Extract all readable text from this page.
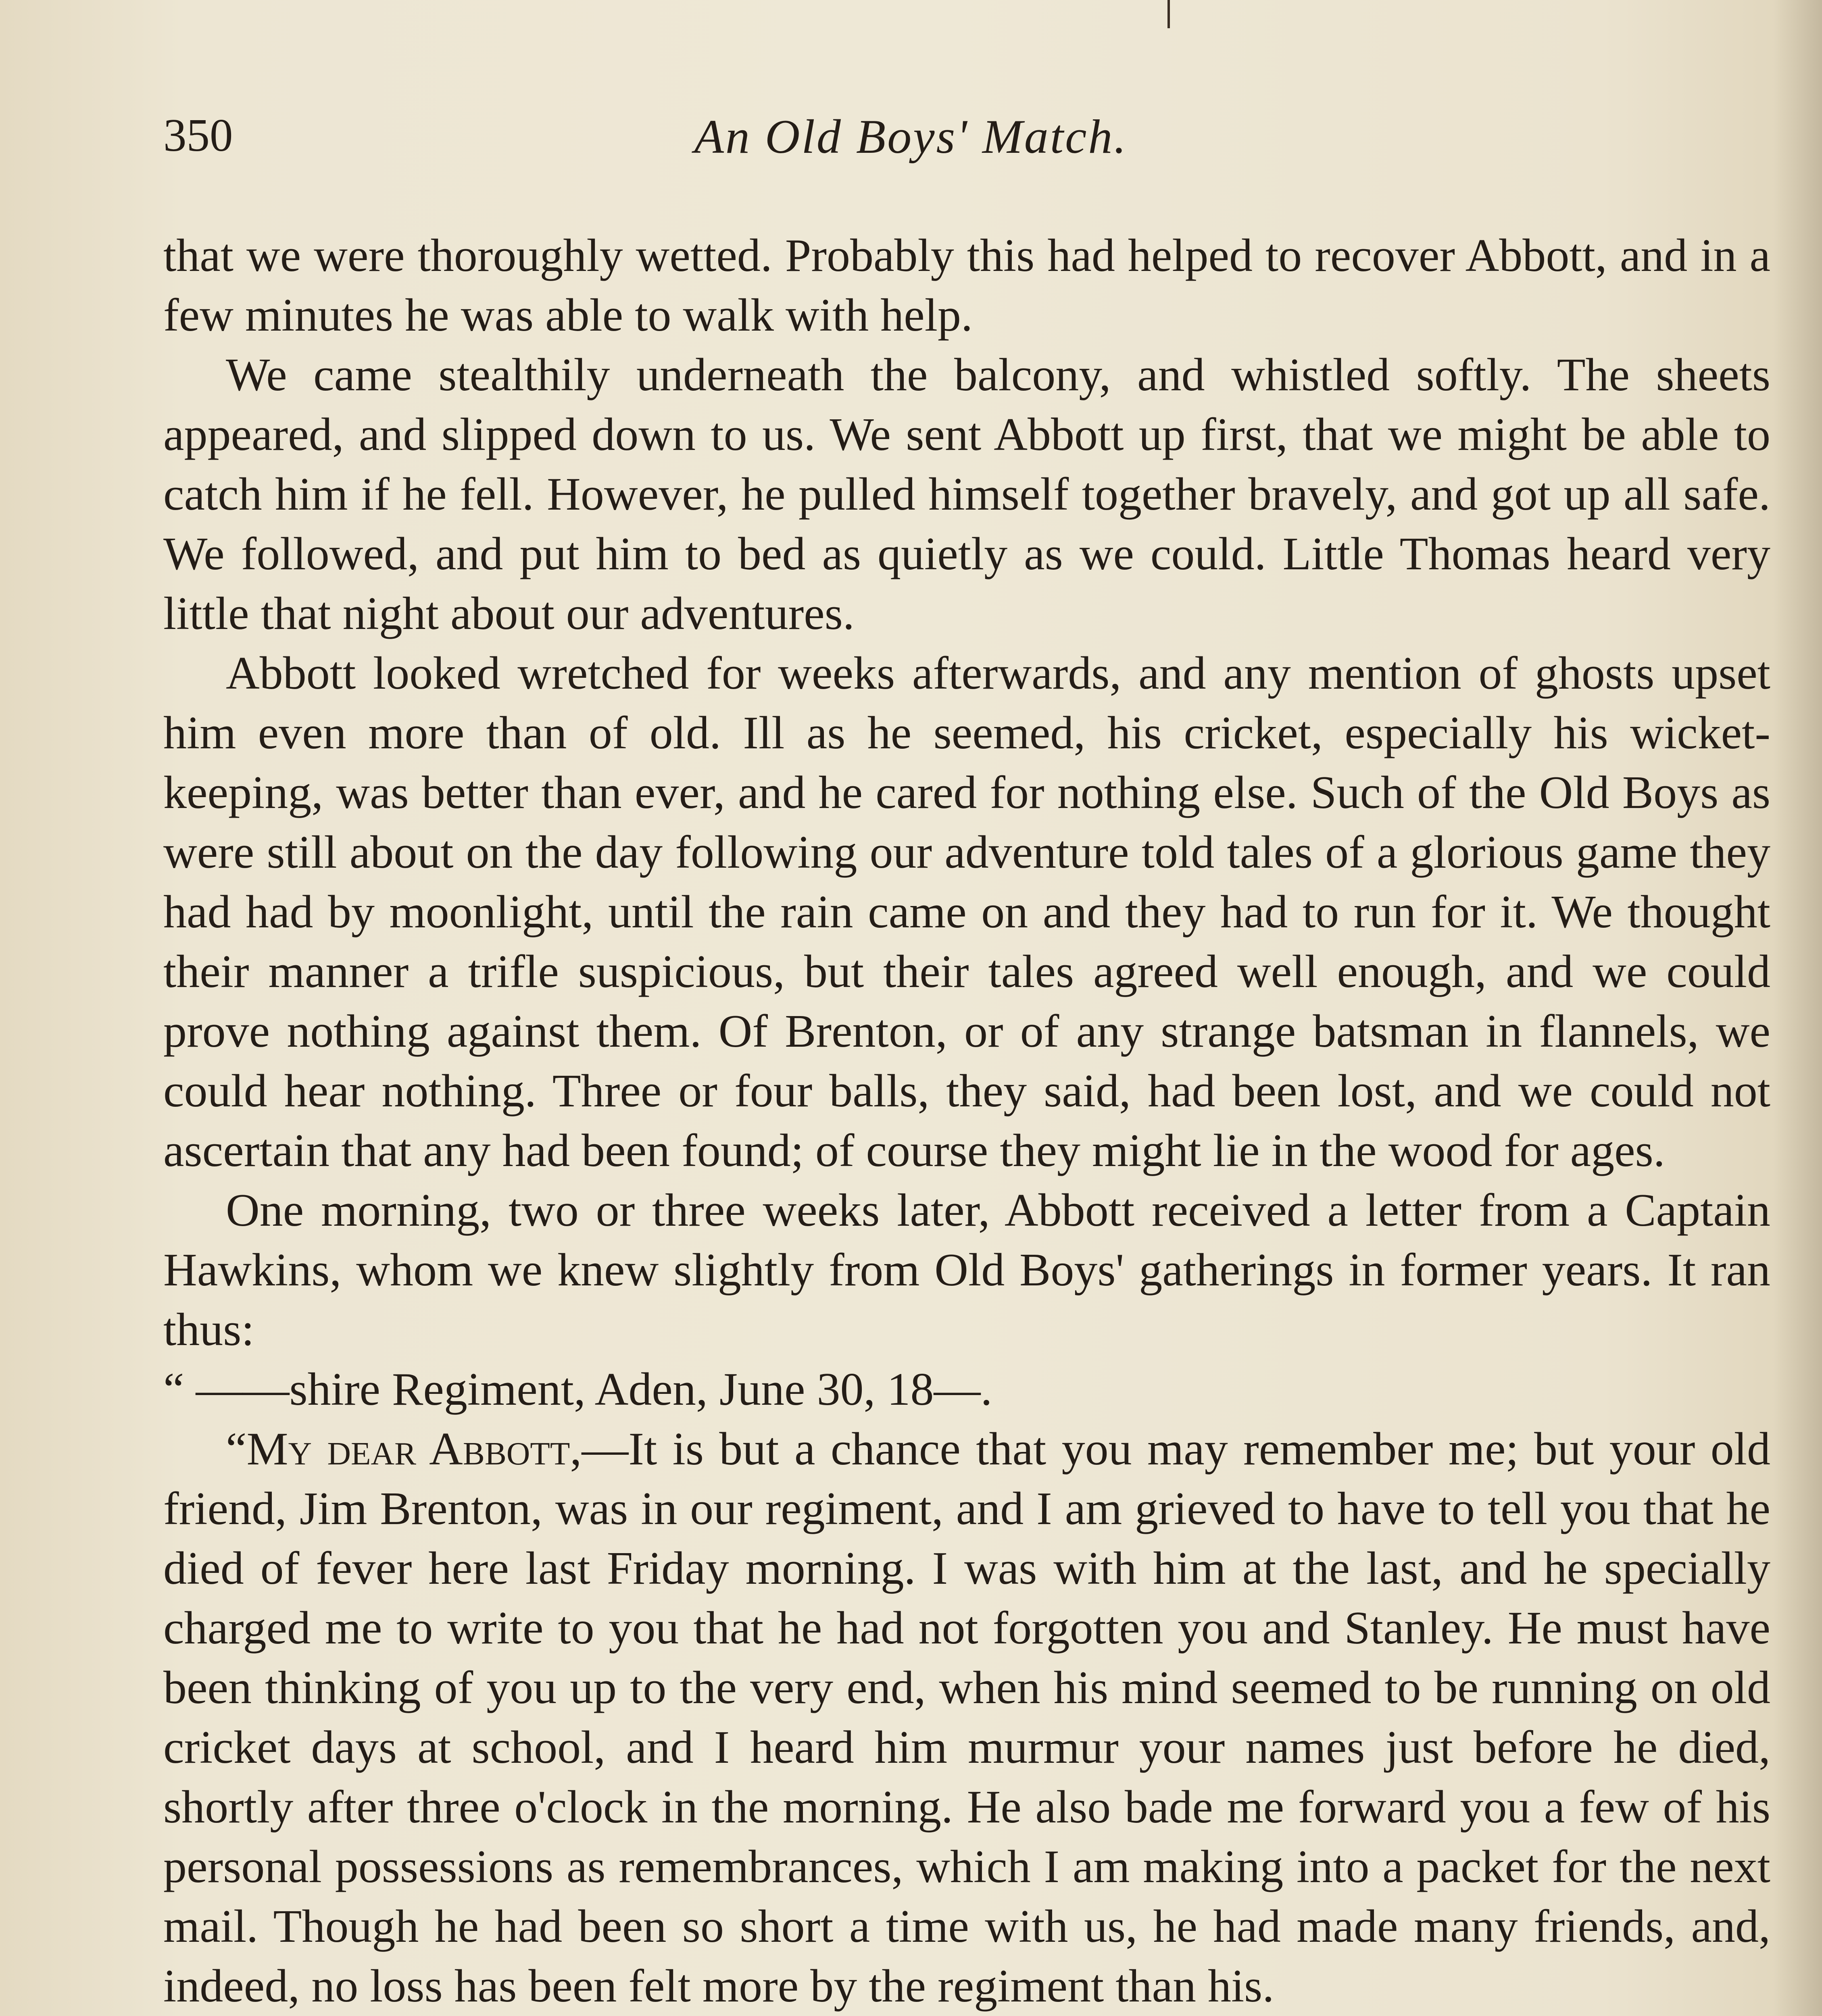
350	An Old Boys' Match.

that we were thoroughly wetted. Probably this had helped to recover Abbott, and in a few minutes he was able to walk with help.

We came stealthily underneath the balcony, and whistled softly. The sheets appeared, and slipped down to us. We sent Abbott up first, that we might be able to catch him if he fell. However, he pulled himself together bravely, and got up all safe. We followed, and put him to bed as quietly as we could. Little Thomas heard very little that night about our adventures.

Abbott looked wretched for weeks afterwards, and any mention of ghosts upset him even more than of old. Ill as he seemed, his cricket, especially his wicket-keeping, was better than ever, and he cared for nothing else. Such of the Old Boys as were still about on the day following our adventure told tales of a glorious game they had had by moonlight, until the rain came on and they had to run for it. We thought their manner a trifle suspicious, but their tales agreed well enough, and we could prove nothing against them. Of Brenton, or of any strange batsman in flannels, we could hear nothing. Three or four balls, they said, had been lost, and we could not ascertain that any had been found; of course they might lie in the wood for ages.

One morning, two or three weeks later, Abbott received a letter from a Captain Hawkins, whom we knew slightly from Old Boys' gatherings in former years. It ran thus:

“ ——shire Regiment, Aden, June 30, 18—.

“My dear Abbott,—It is but a chance that you may remember me; but your old friend, Jim Brenton, was in our regiment, and I am grieved to have to tell you that he died of fever here last Friday morning. I was with him at the last, and he specially charged me to write to you that he had not forgotten you and Stanley. He must have been thinking of you up to the very end, when his mind seemed to be running on old cricket days at school, and I heard him murmur your names just before he died, shortly after three o'clock in the morning. He also bade me forward you a few of his personal possessions as remembrances, which I am making into a packet for the next mail. Though he had been so short a time with us, he had made many friends, and, indeed, no loss has been felt more by the regiment than his.
